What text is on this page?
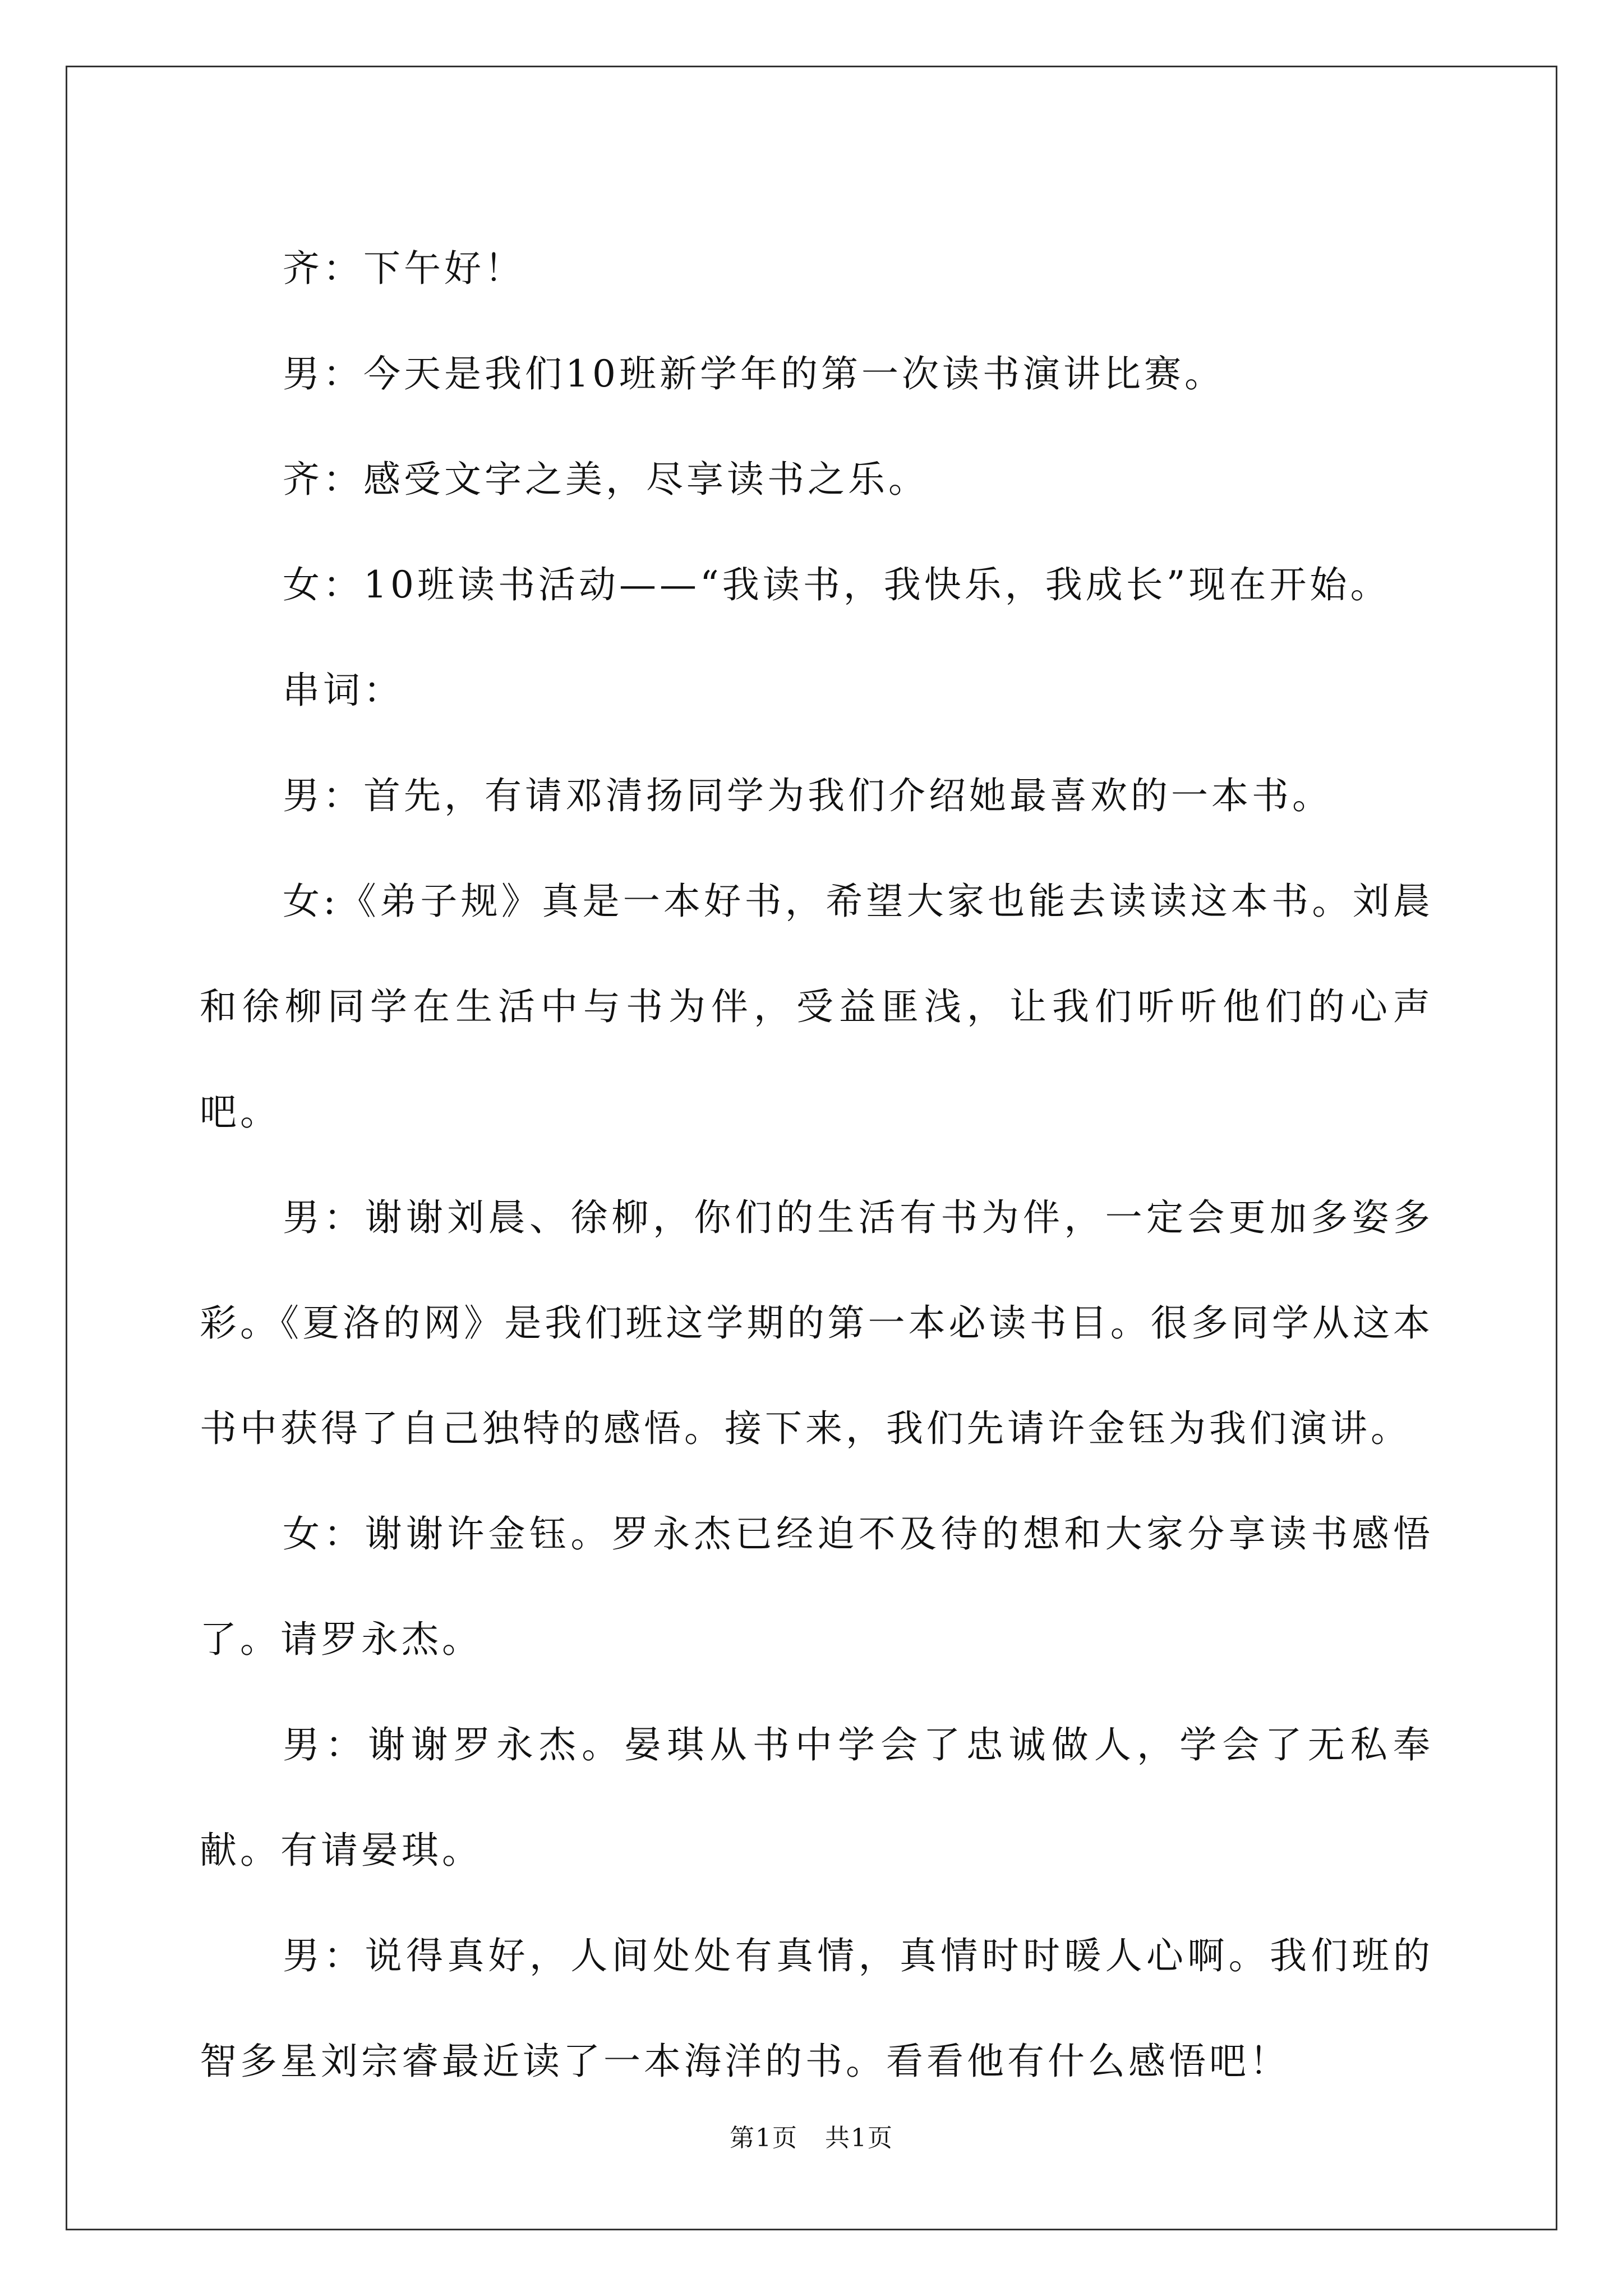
齐：下午好！

男：今天是我们10班新学年的第一次读书演讲比赛。

齐：感受文字之美，尽享读书之乐。

女：10班读书活动——“我读书，我快乐，我成长”现在开始。

串词：

男：首先，有请邓清扬同学为我们介绍她最喜欢的一本书。

女:《弟子规》真是一本好书，希望大家也能去读读这本书。刘晨和徐柳同学在生活中与书为伴，受益匪浅，让我们听听他们的心声吧。

男：谢谢刘晨、徐柳，你们的生活有书为伴，一定会更加多姿多彩。《夏洛的网》是我们班这学期的第一本必读书目。很多同学从这本书中获得了自己独特的感悟。接下来，我们先请许金钰为我们演讲。

女：谢谢许金钰。罗永杰已经迫不及待的想和大家分享读书感悟了。请罗永杰。

男：谢谢罗永杰。晏琪从书中学会了忠诚做人，学会了无私奉献。有请晏琪。

男：说得真好，人间处处有真情，真情时时暖人心啊。我们班的智多星刘宗睿最近读了一本海洋的书。看看他有什么感悟吧！

第1页   共1页
